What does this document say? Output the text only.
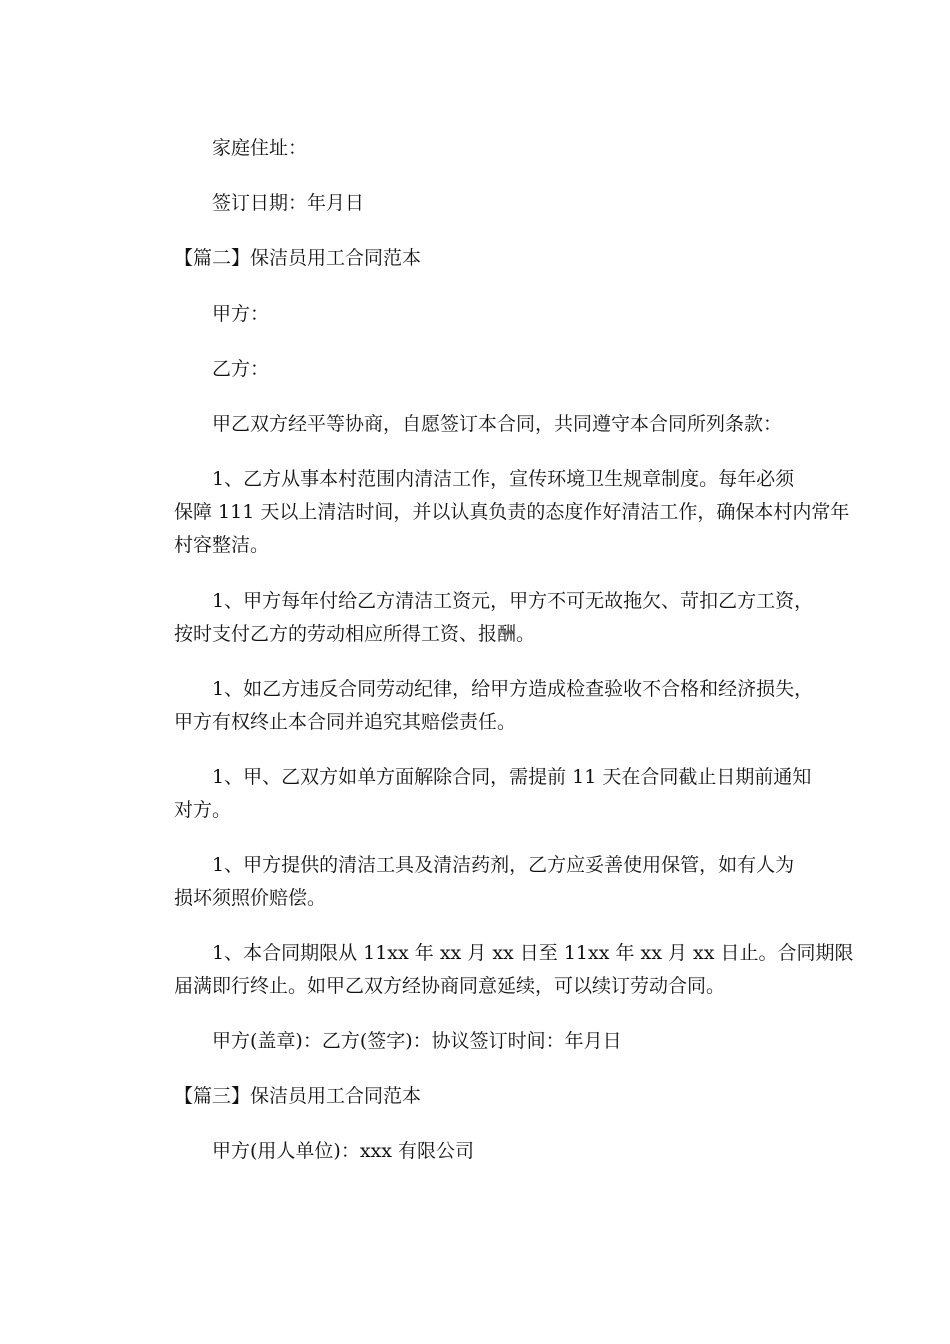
家庭住址：
签订日期：年月日
【篇二】保洁员用工合同范本
甲方：
乙方：
甲乙双方经平等协商，自愿签订本合同，共同遵守本合同所列条款：
1、乙方从事本村范围内清洁工作，宣传环境卫生规章制度。每年必须
保障 111 天以上清洁时间，并以认真负责的态度作好清洁工作，确保本村内常年
村容整洁。
1、甲方每年付给乙方清洁工资元，甲方不可无故拖欠、苛扣乙方工资，
按时支付乙方的劳动相应所得工资、报酬。
1、如乙方违反合同劳动纪律，给甲方造成检查验收不合格和经济损失，
甲方有权终止本合同并追究其赔偿责任。
1、甲、乙双方如单方面解除合同，需提前 11 天在合同截止日期前通知
对方。
1、甲方提供的清洁工具及清洁药剂，乙方应妥善使用保管，如有人为
损坏须照价赔偿。
1、本合同期限从 11xx 年 xx 月 xx 日至 11xx 年 xx 月 xx 日止。合同期限
届满即行终止。如甲乙双方经协商同意延续，可以续订劳动合同。
甲方(盖章)：乙方(签字)：协议签订时间：年月日
【篇三】保洁员用工合同范本
甲方(用人单位)：xxx 有限公司
